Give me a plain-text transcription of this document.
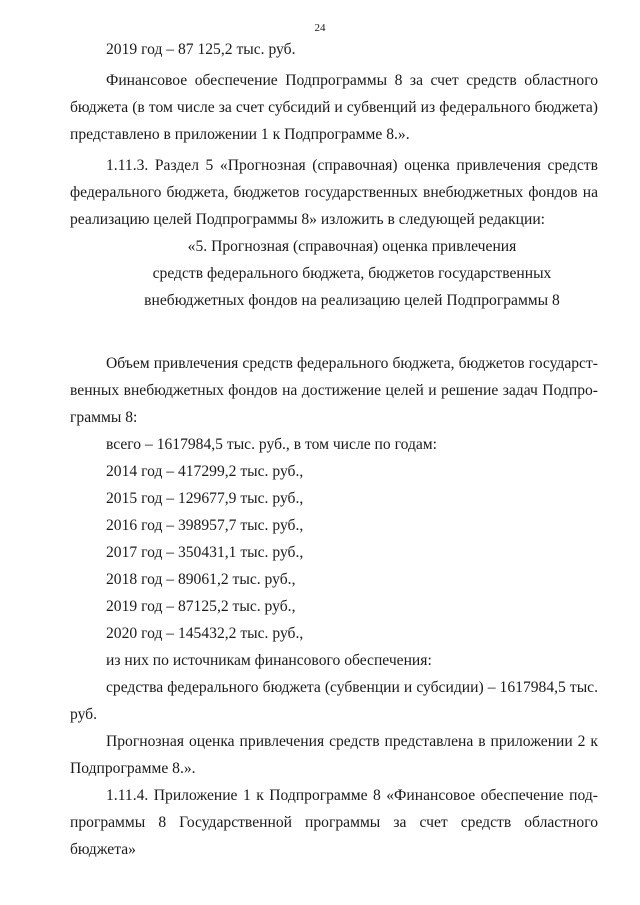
24

2019 год – 87 125,2 тыс. руб.

Финансовое обеспечение Подпрограммы 8 за счет средств областного бюджета (в том числе за счет субсидий и субвенций из федерального бюджета) представлено в приложении 1 к Подпрограмме 8.».

1.11.3. Раздел 5 «Прогнозная (справочная) оценка привлечения средств федерального бюджета, бюджетов государственных внебюджетных фондов на реализацию целей Подпрограммы 8» изложить в следующей редакции:

«5. Прогнозная (справочная) оценка привлечения

средств федерального бюджета, бюджетов государственных

внебюджетных фондов на реализацию целей Подпрограммы 8

Объем привлечения средств федерального бюджета, бюджетов государст-венных внебюджетных фондов на достижение целей и решение задач Подпро-граммы 8:

всего – 1617984,5 тыс. руб., в том числе по годам:

2014 год – 417299,2 тыс. руб.,

2015 год – 129677,9 тыс. руб.,

2016 год – 398957,7 тыс. руб.,

2017 год – 350431,1 тыс. руб.,

2018 год – 89061,2 тыс. руб.,

2019 год – 87125,2 тыс. руб.,

2020 год – 145432,2 тыс. руб.,

из них по источникам финансового обеспечения:

средства федерального бюджета (субвенции и субсидии) – 1617984,5 тыс. руб.

Прогнозная оценка привлечения средств представлена в приложении 2 к Подпрограмме 8.».

1.11.4. Приложение 1 к Подпрограмме 8 «Финансовое обеспечение под-программы 8 Государственной программы за счет средств областного бюджета»
